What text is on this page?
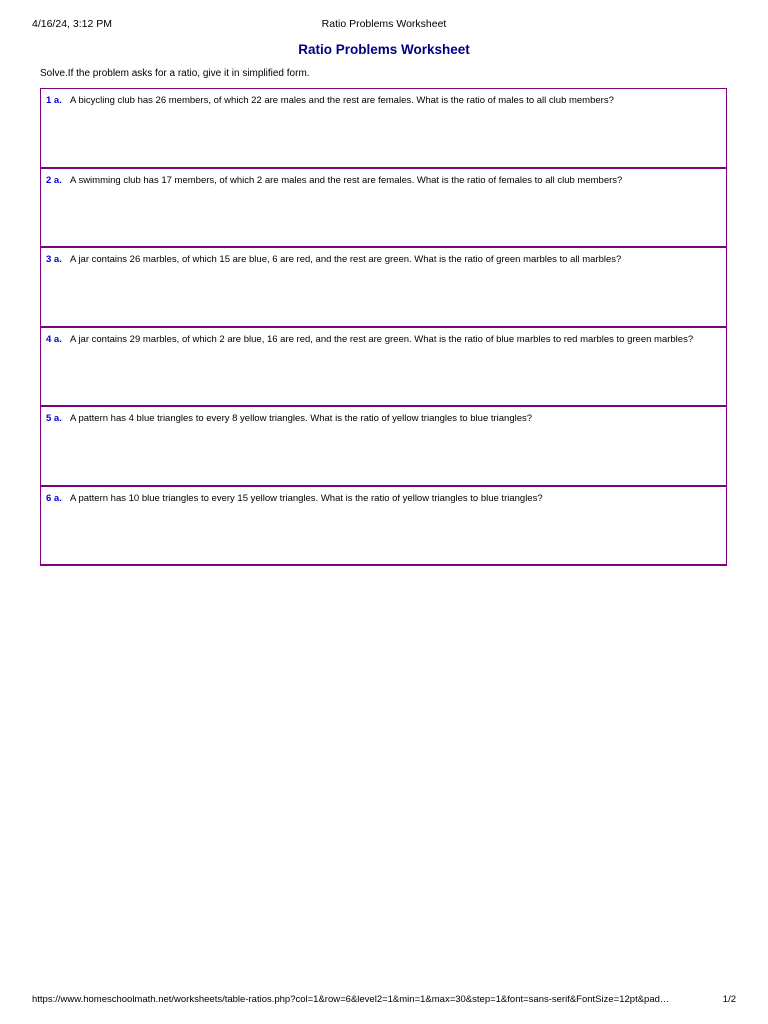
4/16/24, 3:12 PM	Ratio Problems Worksheet
Ratio Problems Worksheet
Solve.If the problem asks for a ratio, give it in simplified form.
1 a. A bicycling club has 26 members, of which 22 are males and the rest are females. What is the ratio of males to all club members?

2 a. A swimming club has 17 members, of which 2 are males and the rest are females. What is the ratio of females to all club members?

3 a. A jar contains 26 marbles, of which 15 are blue, 6 are red, and the rest are green. What is the ratio of green marbles to all marbles?

4 a. A jar contains 29 marbles, of which 2 are blue, 16 are red, and the rest are green. What is the ratio of blue marbles to red marbles to green marbles?

5 a. A pattern has 4 blue triangles to every 8 yellow triangles. What is the ratio of yellow triangles to blue triangles?

6 a. A pattern has 10 blue triangles to every 15 yellow triangles. What is the ratio of yellow triangles to blue triangles?
https://www.homeschoolmath.net/worksheets/table-ratios.php?col=1&row=6&level2=1&min=1&max=30&step=1&font=sans-serif&FontSize=12pt&pad…	1/2
